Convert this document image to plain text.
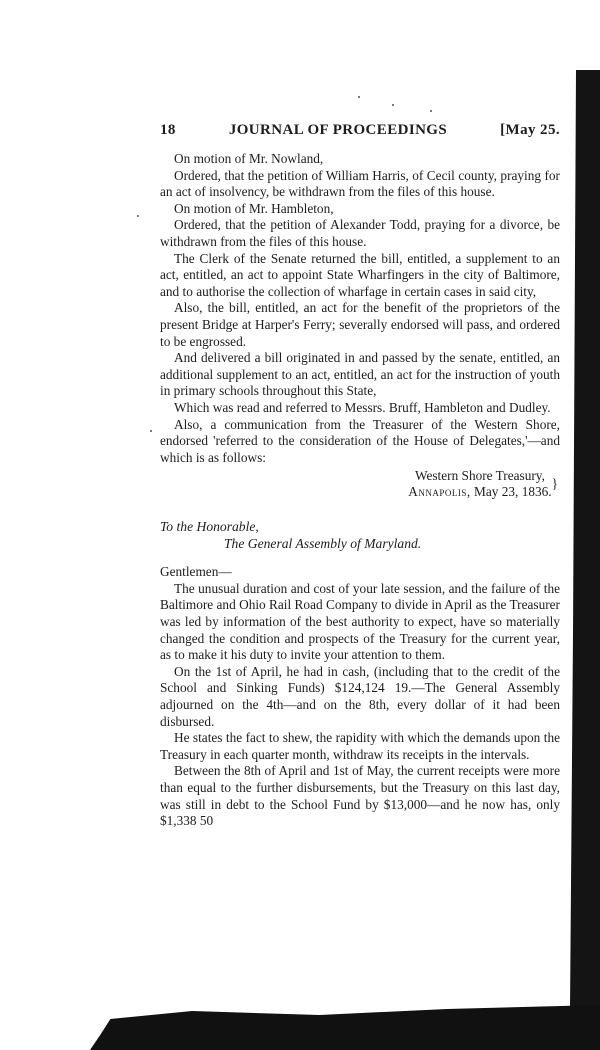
18	JOURNAL OF PROCEEDINGS	[May 25.

On motion of Mr. Nowland,

Ordered, that the petition of William Harris, of Cecil county, praying for an act of insolvency, be withdrawn from the files of this house.

On motion of Mr. Hambleton,

Ordered, that the petition of Alexander Todd, praying for a divorce, be withdrawn from the files of this house.

The Clerk of the Senate returned the bill, entitled, a supplement to an act, entitled, an act to appoint State Wharfingers in the city of Baltimore, and to authorise the collection of wharfage in certain cases in said city,

Also, the bill, entitled, an act for the benefit of the proprietors of the present Bridge at Harper's Ferry; severally endorsed will pass, and ordered to be engrossed.

And delivered a bill originated in and passed by the senate, entitled, an additional supplement to an act, entitled, an act for the instruction of youth in primary schools throughout this State,

Which was read and referred to Messrs. Bruff, Hambleton and Dudley.

Also, a communication from the Treasurer of the Western Shore, endorsed 'referred to the consideration of the House of Delegates,'—and which is as follows:

Western Shore Treasury,
Annapolis, May 23, 1836.
}
To the Honorable,
The General Assembly of Maryland.
Gentlemen—

The unusual duration and cost of your late session, and the failure of the Baltimore and Ohio Rail Road Company to divide in April as the Treasurer was led by information of the best authority to expect, have so materially changed the condition and prospects of the Treasury for the current year, as to make it his duty to invite your attention to them.

On the 1st of April, he had in cash, (including that to the credit of the School and Sinking Funds) $124,124 19.—The General Assembly adjourned on the 4th—and on the 8th, every dollar of it had been disbursed.

He states the fact to shew, the rapidity with which the demands upon the Treasury in each quarter month, withdraw its receipts in the intervals.

Between the 8th of April and 1st of May, the current receipts were more than equal to the further disbursements, but the Treasury on this last day, was still in debt to the School Fund by $13,000—and he now has, only $1,338 50
